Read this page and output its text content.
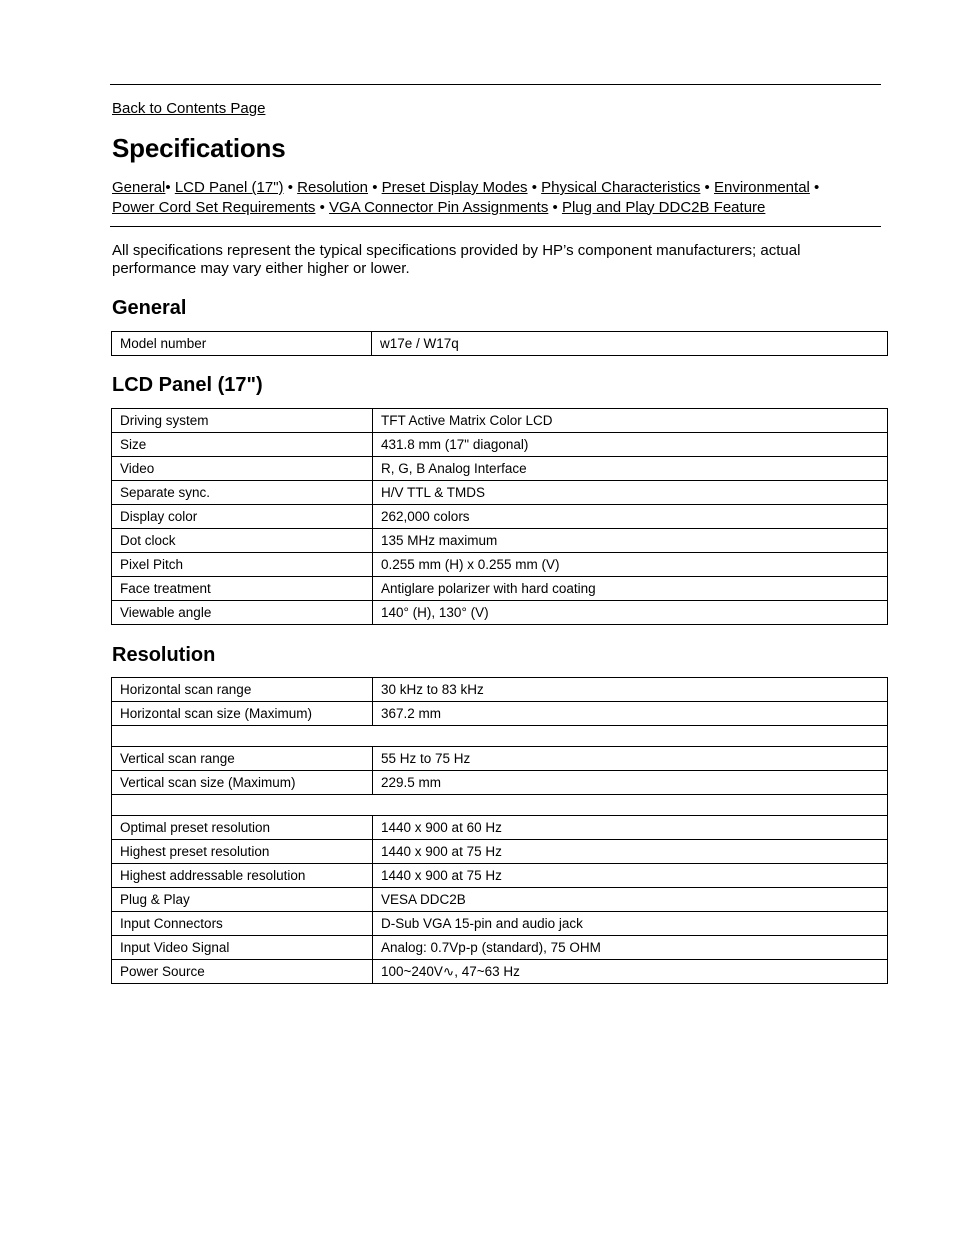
Back to Contents Page
Specifications
General• LCD Panel (17") • Resolution • Preset Display Modes • Physical Characteristics • Environmental •
Power Cord Set Requirements • VGA Connector Pin Assignments • Plug and Play DDC2B Feature

All specifications represent the typical specifications provided by HP’s component manufacturers; actual performance may vary either higher or lower.

General
Model number	w17e / W17q
LCD Panel (17")
Driving system	TFT Active Matrix Color LCD
Size	431.8 mm (17" diagonal)
Video	R, G, B Analog Interface
Separate sync.	H/V TTL & TMDS
Display color	262,000 colors
Dot clock	135 MHz maximum
Pixel Pitch	0.255 mm (H) x 0.255 mm (V)
Face treatment	Antiglare polarizer with hard coating
Viewable angle	140° (H), 130° (V)
Resolution
Horizontal scan range	30 kHz to 83 kHz
Horizontal scan size (Maximum)	367.2 mm

Vertical scan range	55 Hz to 75 Hz
Vertical scan size (Maximum)	229.5 mm

Optimal preset resolution	1440 x 900 at 60 Hz
Highest preset resolution	1440 x 900 at 75 Hz
Highest addressable resolution	1440 x 900 at 75 Hz
Plug & Play	VESA DDC2B
Input Connectors	D-Sub VGA 15-pin and audio jack
Input Video Signal	Analog: 0.7Vp-p (standard), 75 OHM
Power Source	100~240V∿, 47~63 Hz
